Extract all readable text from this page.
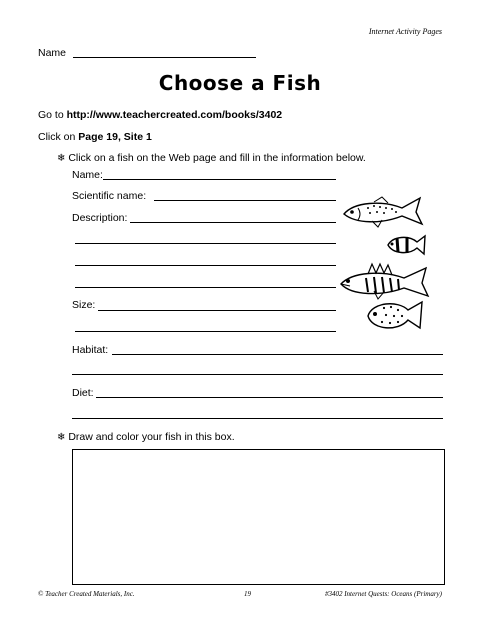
Internet Activity Pages
Name
Choose a Fish
Go to http://www.teachercreated.com/books/3402
Click on Page 19, Site 1
❄ Click on a fish on the Web page and fill in the information below.
Name:
Scientific name:
Description:
Size:
Habitat:
Diet:
❄ Draw and color your fish in this box.
© Teacher Created Materials, Inc.	19	#3402 Internet Quests: Oceans (Primary)
